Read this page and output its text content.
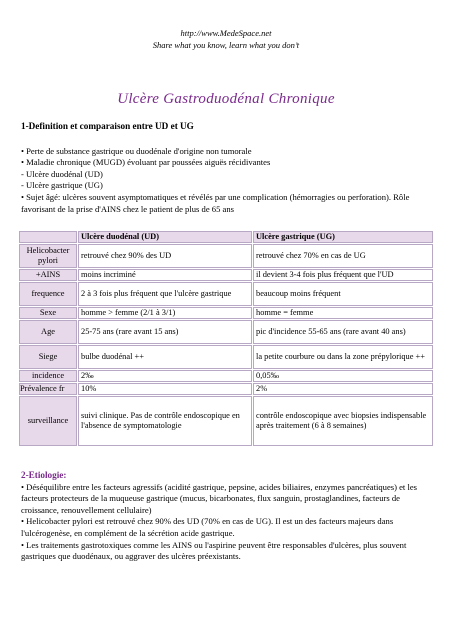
http://www.MedeSpace.net
Share what you know, learn what you don’t
Ulcère Gastroduodénal Chronique
1-Definition et comparaison entre UD et UG

• Perte de substance gastrique ou duodénale d'origine non tumorale

• Maladie chronique (MUGD) évoluant par poussées aiguës récidivantes

- Ulcère duodénal (UD)

- Ulcère gastrique (UG)

• Sujet âgé: ulcères souvent asymptomatiques et révélés par une complication (hémorragies ou perforation). Rôle favorisant de la prise d'AINS chez le patient de plus de 65 ans

	Ulcère duodénal (UD)	Ulcère gastrique (UG)
Helicobacter pylori	retrouvé chez 90% des UD	retrouvé chez 70% en cas de UG
+AINS	moins incriminé	il devient 3-4 fois plus fréquent que l'UD
frequence	2 à 3 fois plus fréquent que l'ulcère gastrique	beaucoup moins fréquent
Sexe	homme > femme (2/1 à 3/1)	homme = femme
Age	25-75 ans (rare avant 15 ans)	pic d'incidence 55-65 ans (rare avant 40 ans)
Siege	bulbe duodénal ++	la petite courbure ou dans la zone prépylorique ++
incidence	2‰	0,05‰
Prévalence fr	10%	2%
surveillance	suivi clinique. Pas de contrôle endoscopique en l'absence de symptomatologie	contrôle endoscopique avec biopsies indispensable après traitement (6 à 8 semaines)
2-Etiologie:

• Déséquilibre entre les facteurs agressifs (acidité gastrique, pepsine, acides biliaires, enzymes pancréatiques) et les facteurs protecteurs de la muqueuse gastrique (mucus, bicarbonates, flux sanguin, prostaglandines, facteurs de croissance, renouvellement cellulaire)

• Helicobacter pylori est retrouvé chez 90% des UD (70% en cas de UG). Il est un des facteurs majeurs dans l'ulcérogenèse, en complément de la sécrétion acide gastrique.

• Les traitements gastrotoxiques comme les AINS ou l'aspirine peuvent être responsables d'ulcères, plus souvent gastriques que duodénaux, ou aggraver des ulcères préexistants.
